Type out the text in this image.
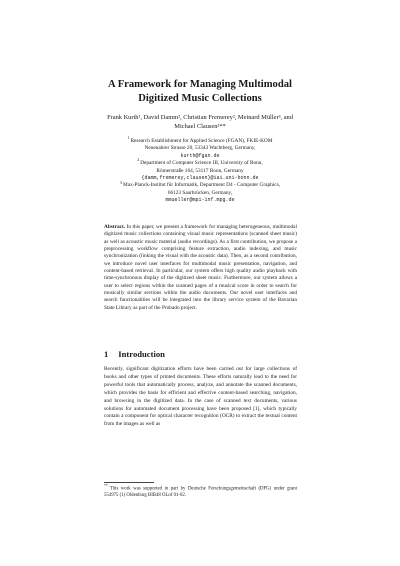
A Framework for Managing Multimodal
Digitized Music Collections
Frank Kurth¹, David Damm², Christian Fremerey², Meinard Müller³, and
Michael Clausen²**
$^1$Research Establishment for Applied Science (FGAN), FKIE-KOM
Neuenahrer Strasse 20, 53343 Wachtberg, Germany,
kurth@fgan.de
$^2$Department of Computer Science III, University of Bonn,
Römerstraße 164, 53117 Bonn, Germany
{damm,fremerey,clausen}@iai.uni-bonn.de
$^3$Max-Planck-Institut für Informatik, Department D4 - Computer Graphics,
66123 Saarbrücken, Germany,
mmueller@mpi-inf.mpg.de
Abstract. In this paper, we present a framework for managing heterogeneous, multimodal digitized music collections containing visual music representations (scanned sheet music) as well as acoustic music material (audio recordings). As a first contribution, we propose a preprocessing workflow comprising feature extraction, audio indexing, and music synchronization (linking the visual with the acoustic data). Then, as a second contribution, we introduce novel user interfaces for multimodal music presentation, navigation, and content-based retrieval. In particular, our system offers high quality audio playback with time-synchronous display of the digitized sheet music. Furthermore, our system allows a user to select regions within the scanned pages of a musical score in order to search for musically similar sections within the audio documents. Our novel user interfaces and search functionalities will be integrated into the library service system of the Bavarian State Library as part of the Probado project.
1 Introduction
Recently, significant digitization efforts have been carried out for large collections of books and other types of printed documents. These efforts naturally lead to the need for powerful tools that automatically process, analyze, and annotate the scanned documents, which provides the basis for efficient and effective content-based searching, navigation, and browsing in the digitized data. In the case of scanned text documents, various solutions for automated document processing have been proposed [1], which typically contain a component for optical character recognition (OCR) to extract the textual content from the images as well as
**This work was supported in part by Deutsche Forschungsgemeinschaft (DFG) under grant 554975 (1) Oldenburg BIB48 OLof 01-02.
